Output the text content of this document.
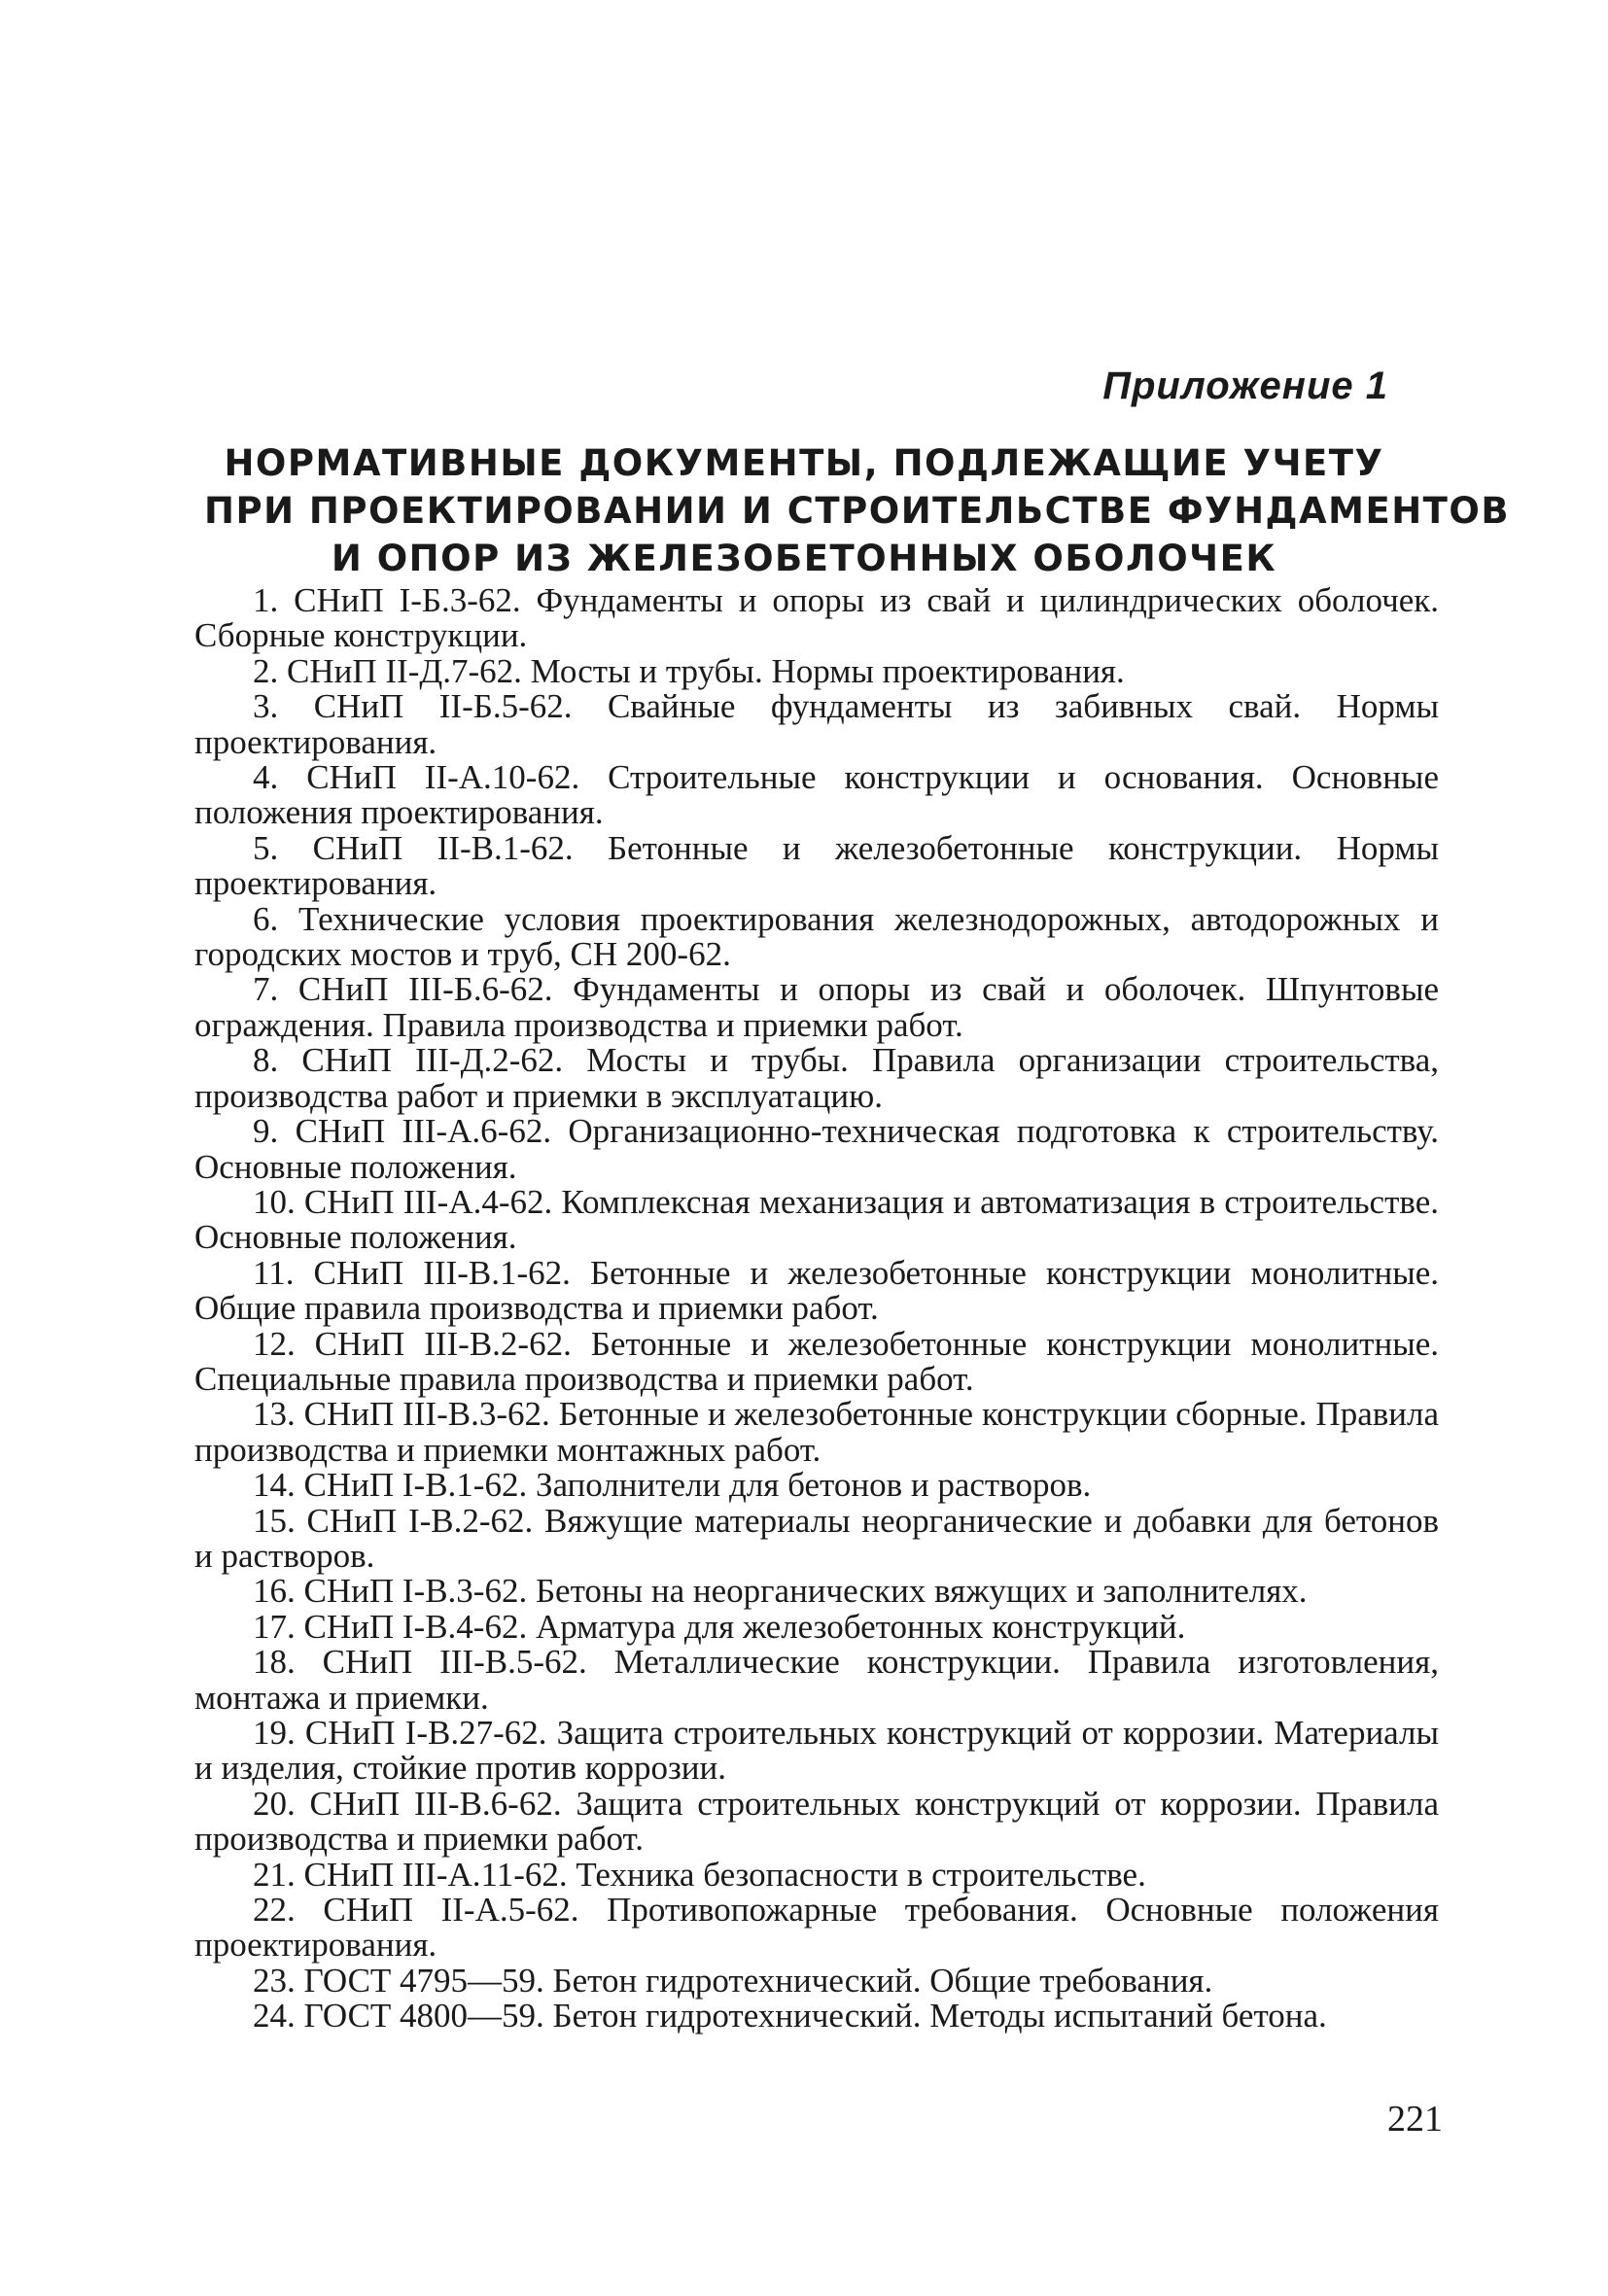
Приложение 1
НОРМАТИВНЫЕ ДОКУМЕНТЫ, ПОДЛЕЖАЩИЕ УЧЕТУ
ПРИ ПРОЕКТИРОВАНИИ И СТРОИТЕЛЬСТВЕ ФУНДАМЕНТОВ
И ОПОР ИЗ ЖЕЛЕЗОБЕТОННЫХ ОБОЛОЧЕК

1. СНиП I-Б.3-62. Фундаменты и опоры из свай и цилиндрических оболочек. Сборные конструкции.

2. СНиП II-Д.7-62. Мосты и трубы. Нормы проектирования.

3. СНиП II-Б.5-62. Свайные фундаменты из забивных свай. Нормы проектирования.

4. СНиП II-А.10-62. Строительные конструкции и основания. Основные положения проектирования.

5. СНиП II-В.1-62. Бетонные и железобетонные конструкции. Нормы проектирования.

6. Технические условия проектирования железнодорожных, автодорожных и городских мостов и труб, СН 200-62.

7. СНиП III-Б.6-62. Фундаменты и опоры из свай и оболочек. Шпунтовые ограждения. Правила производства и приемки работ.

8. СНиП III-Д.2-62. Мосты и трубы. Правила организации строительства, производства работ и приемки в эксплуатацию.

9. СНиП III-А.6-62. Организационно-техническая подготовка к строительству. Основные положения.

10. СНиП III-А.4-62. Комплексная механизация и автоматизация в строительстве. Основные положения.

11. СНиП III-В.1-62. Бетонные и железобетонные конструкции монолитные. Общие правила производства и приемки работ.

12. СНиП III-В.2-62. Бетонные и железобетонные конструкции монолитные. Специальные правила производства и приемки работ.

13. СНиП III-В.3-62. Бетонные и железобетонные конструкции сборные. Правила производства и приемки монтажных работ.

14. СНиП I-В.1-62. Заполнители для бетонов и растворов.

15. СНиП I-В.2-62. Вяжущие материалы неорганические и добавки для бетонов и растворов.

16. СНиП I-В.3-62. Бетоны на неорганических вяжущих и заполнителях.

17. СНиП I-В.4-62. Арматура для железобетонных конструкций.

18. СНиП III-В.5-62. Металлические конструкции. Правила изготовления, монтажа и приемки.

19. СНиП I-В.27-62. Защита строительных конструкций от коррозии. Материалы и изделия, стойкие против коррозии.

20. СНиП III-В.6-62. Защита строительных конструкций от коррозии. Правила производства и приемки работ.

21. СНиП III-А.11-62. Техника безопасности в строительстве.

22. СНиП II-А.5-62. Противопожарные требования. Основные положения проектирования.

23. ГОСТ 4795—59. Бетон гидротехнический. Общие требования.

24. ГОСТ 4800—59. Бетон гидротехнический. Методы испытаний бетона.

221
